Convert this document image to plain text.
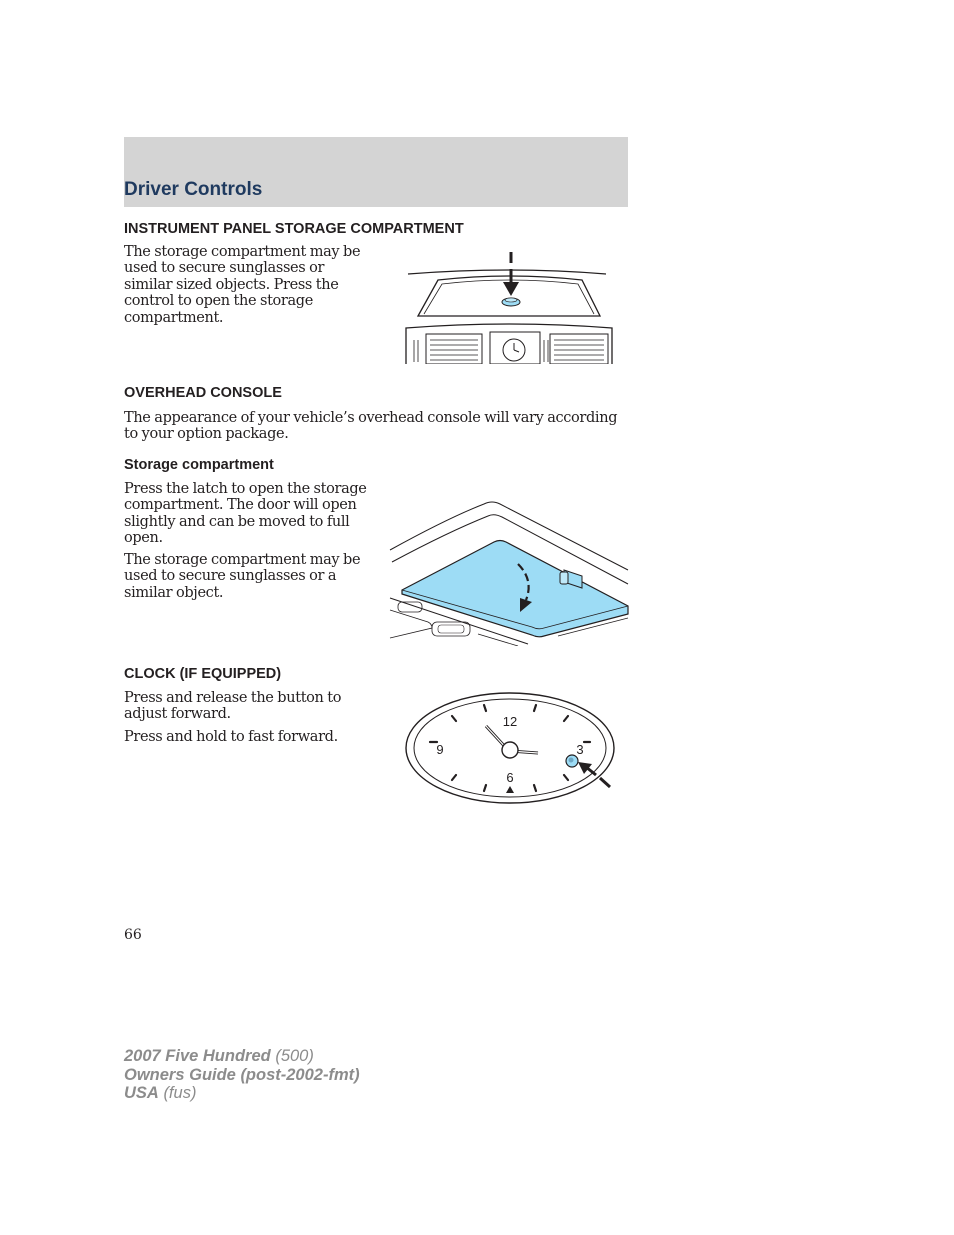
Driver Controls
INSTRUMENT PANEL STORAGE COMPARTMENT
The storage compartment may be used to secure sunglasses or similar sized objects. Press the control to open the storage compartment.
OVERHEAD CONSOLE
The appearance of your vehicle’s overhead console will vary according to your option package.
Storage compartment
Press the latch to open the storage compartment. The door will open slightly and can be moved to full open.
The storage compartment may be used to secure sunglasses or a similar object.
CLOCK (IF EQUIPPED)
Press and release the button to adjust forward.
Press and hold to fast forward.
12
3
6
9
66
2007 Five Hundred (500)
Owners Guide (post-2002-fmt)
USA (fus)
